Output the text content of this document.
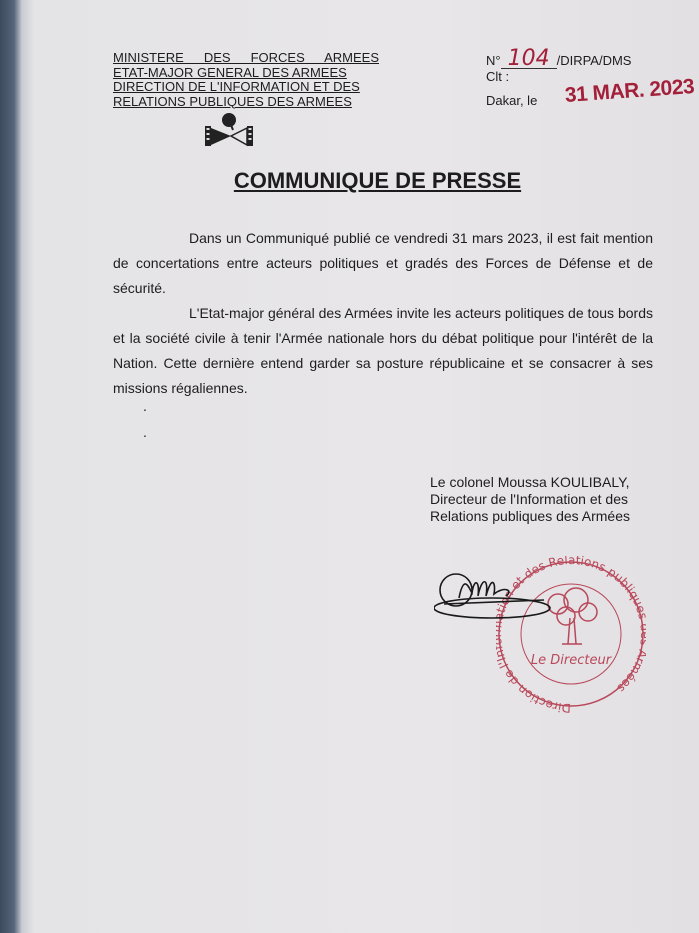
MINISTERE DES FORCES ARMEES
ETAT-MAJOR GENERAL DES ARMEES
DIRECTION DE L'INFORMATION ET DES
RELATIONS PUBLIQUES DES ARMEES
N° 104 /DIRPA/DMS
Clt :
Dakar, le 31 MAR. 2023
COMMUNIQUE DE PRESSE

Dans un Communiqué publié ce vendredi 31 mars 2023, il est fait mention de concertations entre acteurs politiques et gradés des Forces de Défense et de sécurité.

L'Etat-major général des Armées invite les acteurs politiques de tous bords et la société civile à tenir l'Armée nationale hors du débat politique pour l'intérêt de la Nation. Cette dernière entend garder sa posture républicaine et se consacrer à ses missions régaliennes.

.
.
Le colonel Moussa KOULIBALY,
Directeur de l'Information et des
Relations publiques des Armées
Direction de l' ion et des Relations publiqu mées
Le Directeur
